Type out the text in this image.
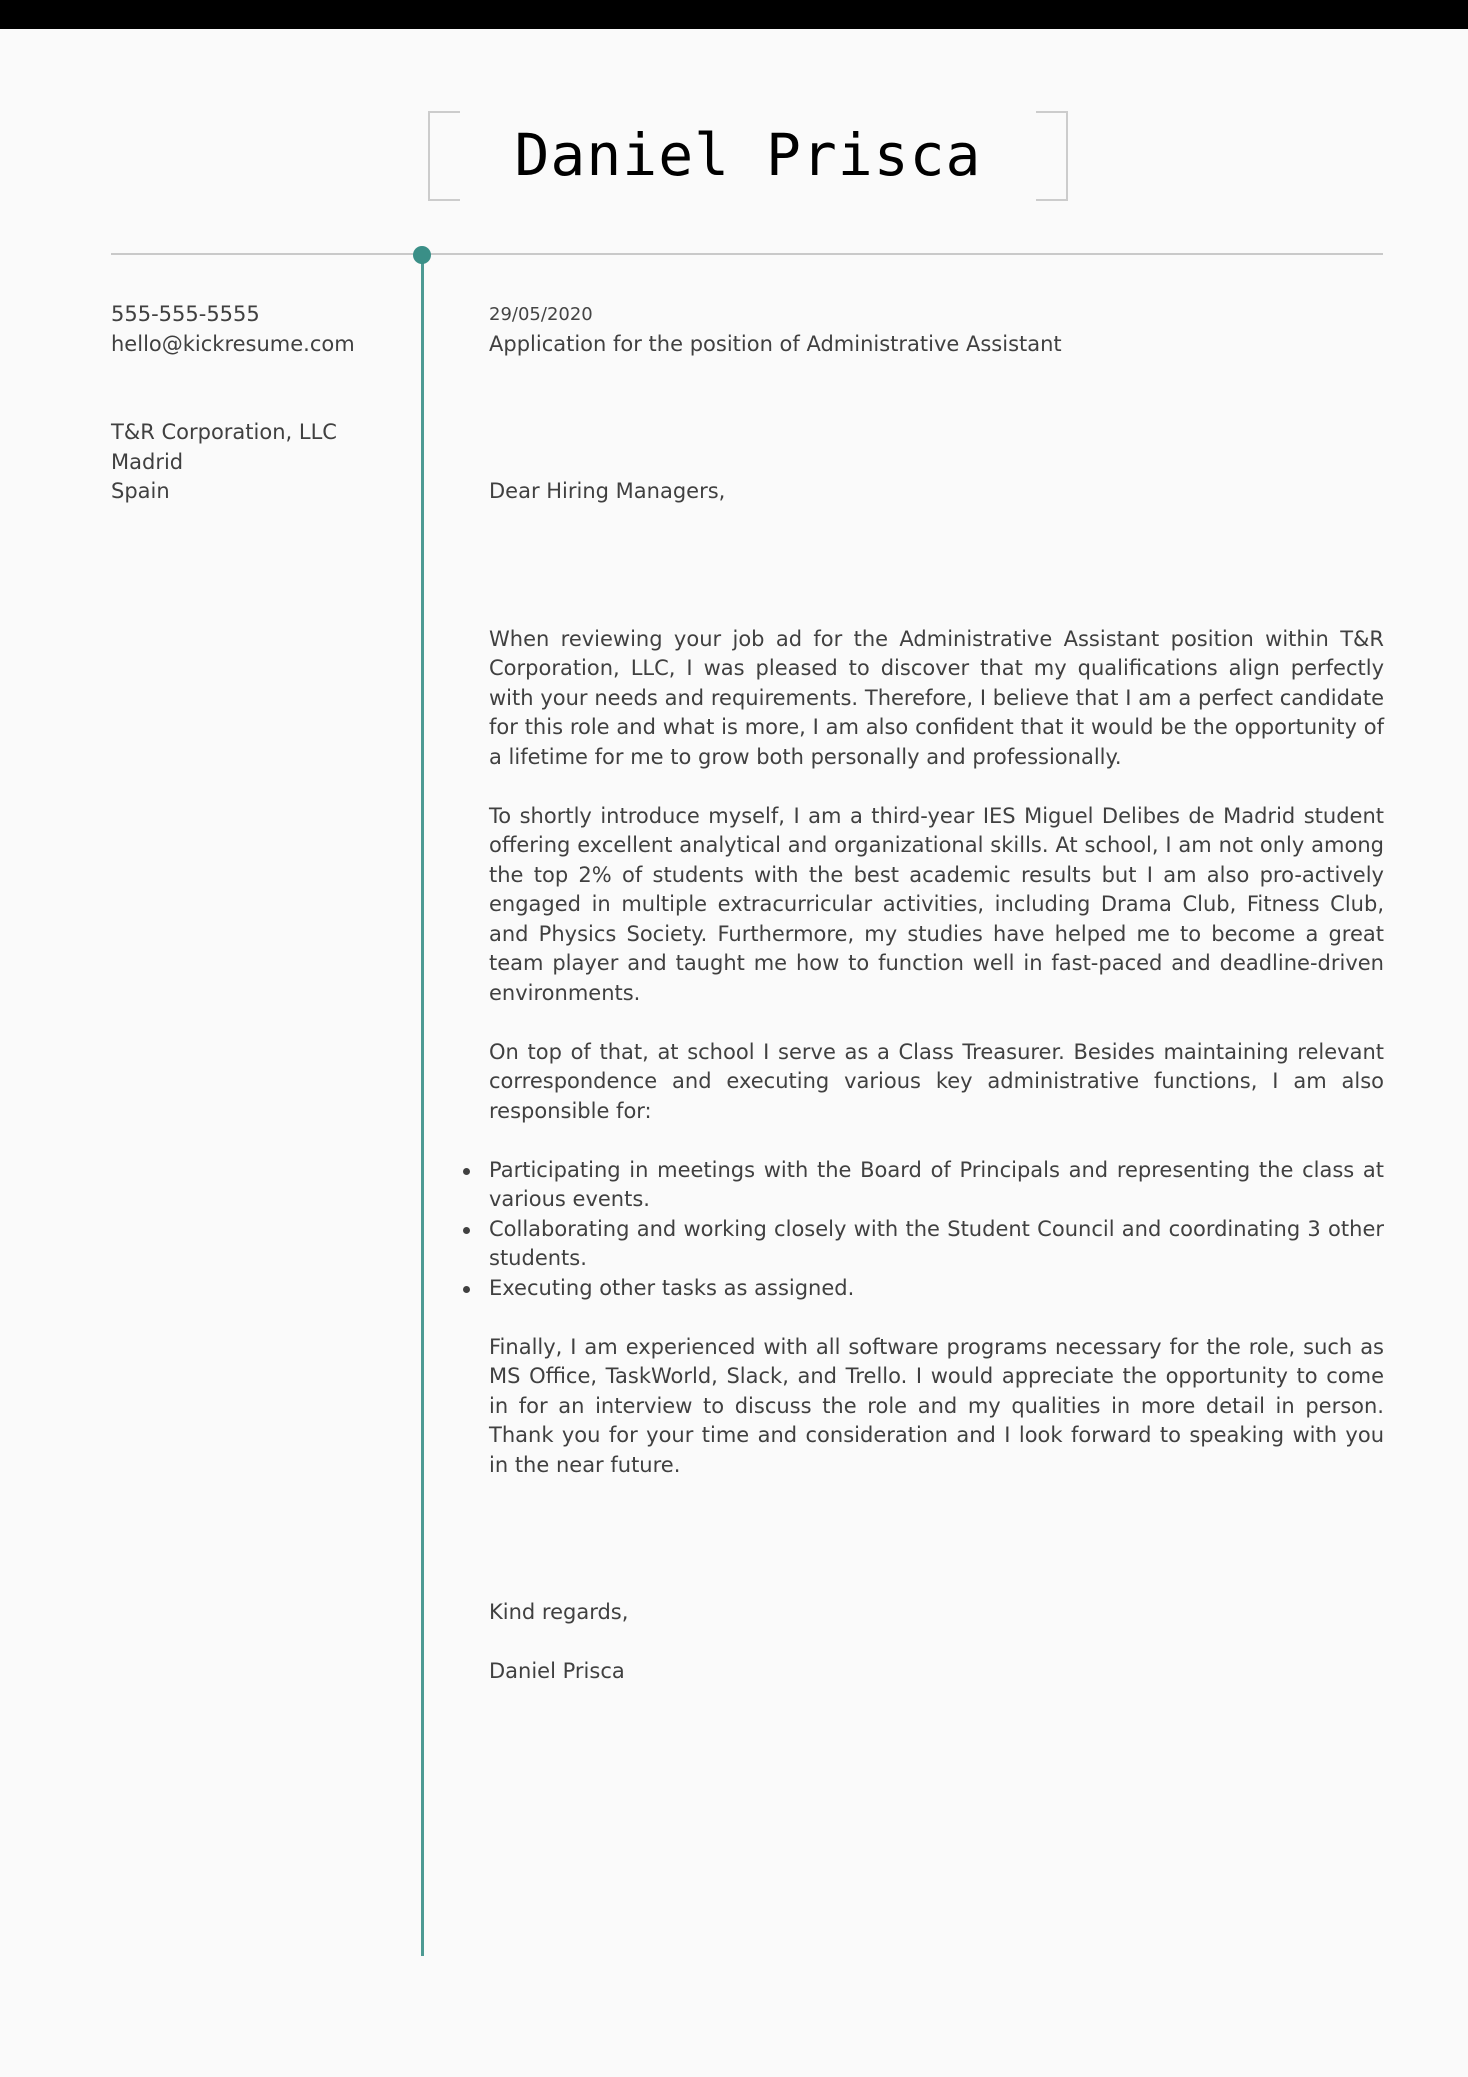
Daniel Prisca
555-555-5555
hello@kickresume.com
T&R Corporation, LLC
Madrid
Spain
29/05/2020
Application for the position of Administrative Assistant
Dear Hiring Managers,

When reviewing your job ad for the Administrative Assistant position within T&R Corporation, LLC, I was pleased to discover that my qualifications align perfectly with your needs and requirements. Therefore, I believe that I am a perfect candidate for this role and what is more, I am also confident that it would be the opportunity of a lifetime for me to grow both personally and professionally.

To shortly introduce myself, I am a third-year IES Miguel Delibes de Madrid student offering excellent analytical and organizational skills. At school, I am not only among the top 2% of students with the best academic results but I am also pro-actively engaged in multiple extracurricular activities, including Drama Club, Fitness Club, and Physics Society. Furthermore, my studies have helped me to become a great team player and taught me how to function well in fast-paced and deadline-driven environments.

On top of that, at school I serve as a Class Treasurer. Besides maintaining relevant correspondence and executing various key administrative functions, I am also responsible for:

Participating in meetings with the Board of Principals and representing the class at various events.
Collaborating and working closely with the Student Council and coordinating 3 other students.
Executing other tasks as assigned.

Finally, I am experienced with all software programs necessary for the role, such as MS Office, TaskWorld, Slack, and Trello. I would appreciate the opportunity to come in for an interview to discuss the role and my qualities in more detail in person. Thank you for your time and consideration and I look forward to speaking with you in the near future.

Kind regards,
Daniel Prisca
